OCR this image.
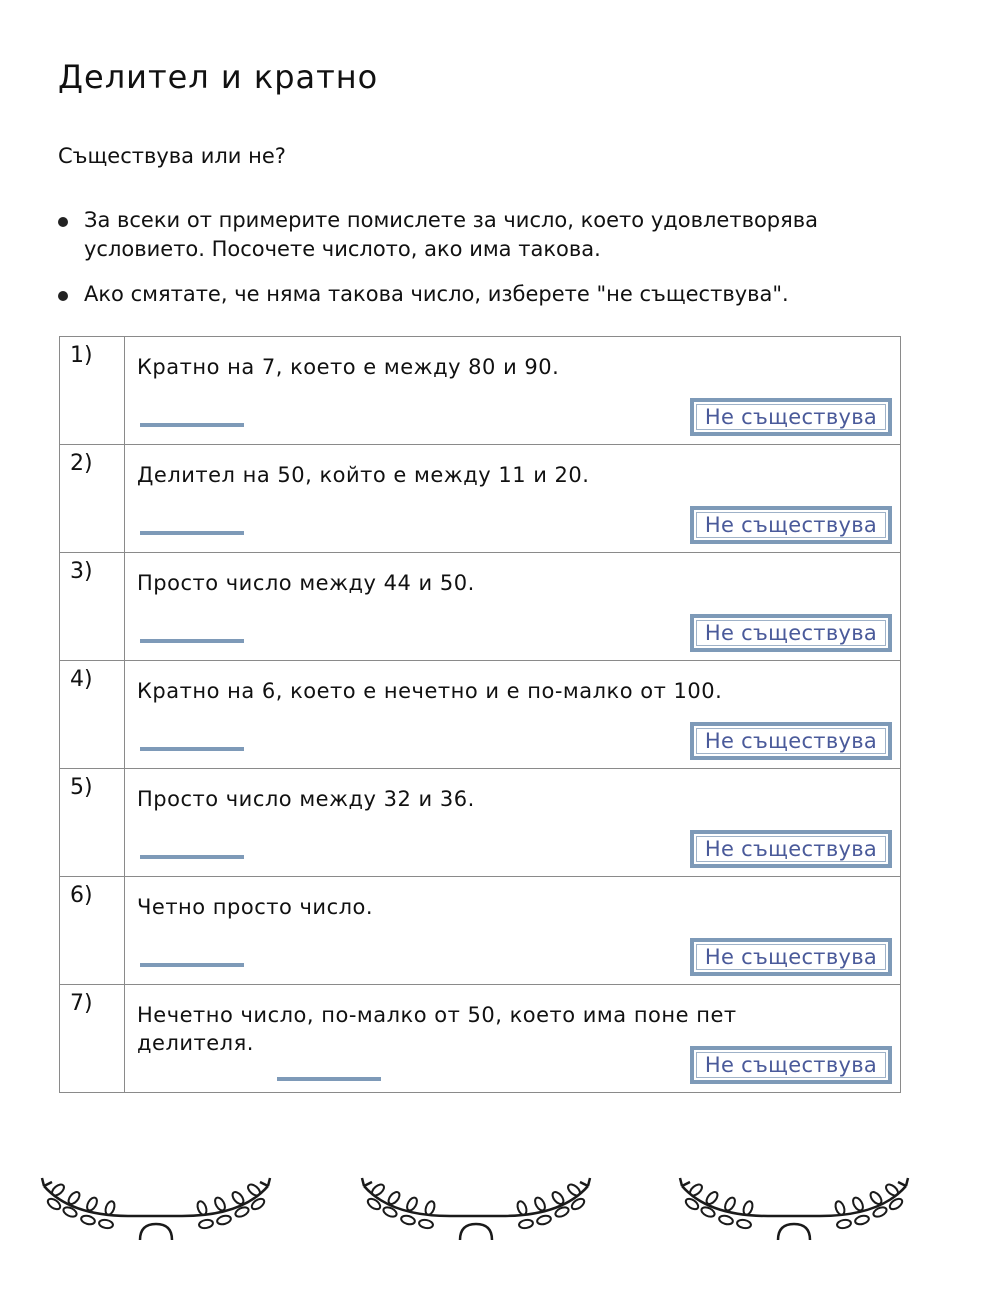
Делител и кратно

Съществува или не?

За всеки от примерите помислете за число, което удовлетворява условието. Посочете числото, ако има такова.
Ако смятате, че няма такова число, изберете "не съществува".
1)	Кратно на 7, което е между 80 и 90.
Не съществува

2)	Делител на 50, който е между 11 и 20.
Не съществува

3)	Просто число между 44 и 50.
Не съществува

4)	Кратно на 6, което е нечетно и е по-малко от 100.
Не съществува

5)	Просто число между 32 и 36.
Не съществува

6)	Четно просто число.
Не съществува

7)	Нечетно число, по-малко от 50, което има поне пет делителя.
Не съществува
